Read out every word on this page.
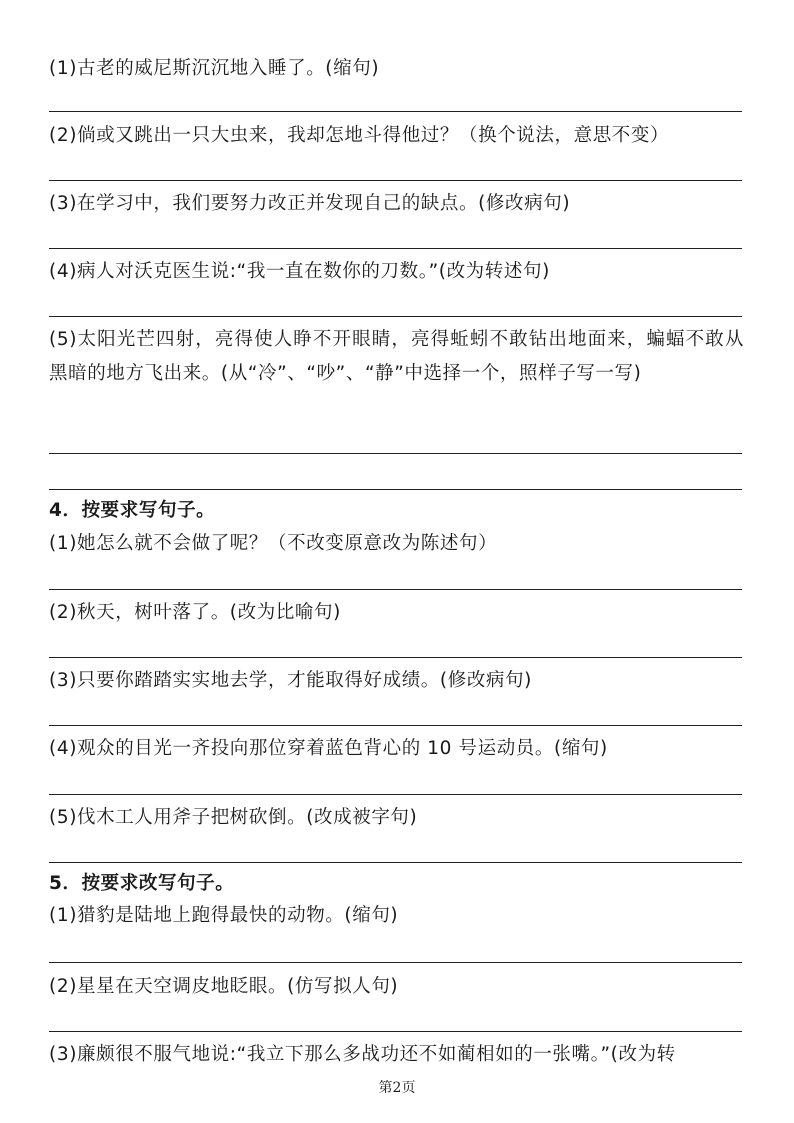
(1)古老的威尼斯沉沉地入睡了。(缩句)
(2)倘或又跳出一只大虫来，我却怎地斗得他过？（换个说法，意思不变）
(3)在学习中，我们要努力改正并发现自己的缺点。(修改病句)
(4)病人对沃克医生说:“我一直在数你的刀数。”(改为转述句)
(5)太阳光芒四射，亮得使人睁不开眼睛，亮得蚯蚓不敢钻出地面来，蝙蝠不敢从黑暗的地方飞出来。(从“冷”、“吵”、“静”中选择一个，照样子写一写)
4．按要求写句子。
(1)她怎么就不会做了呢？（不改变原意改为陈述句）
(2)秋天，树叶落了。(改为比喻句)
(3)只要你踏踏实实地去学，才能取得好成绩。(修改病句)
(4)观众的目光一齐投向那位穿着蓝色背心的 10 号运动员。(缩句)
(5)伐木工人用斧子把树砍倒。(改成被字句)
5．按要求改写句子。
(1)猎豹是陆地上跑得最快的动物。(缩句)
(2)星星在天空调皮地眨眼。(仿写拟人句)
(3)廉颇很不服气地说:“我立下那么多战功还不如蔺相如的一张嘴。”(改为转
第2页
